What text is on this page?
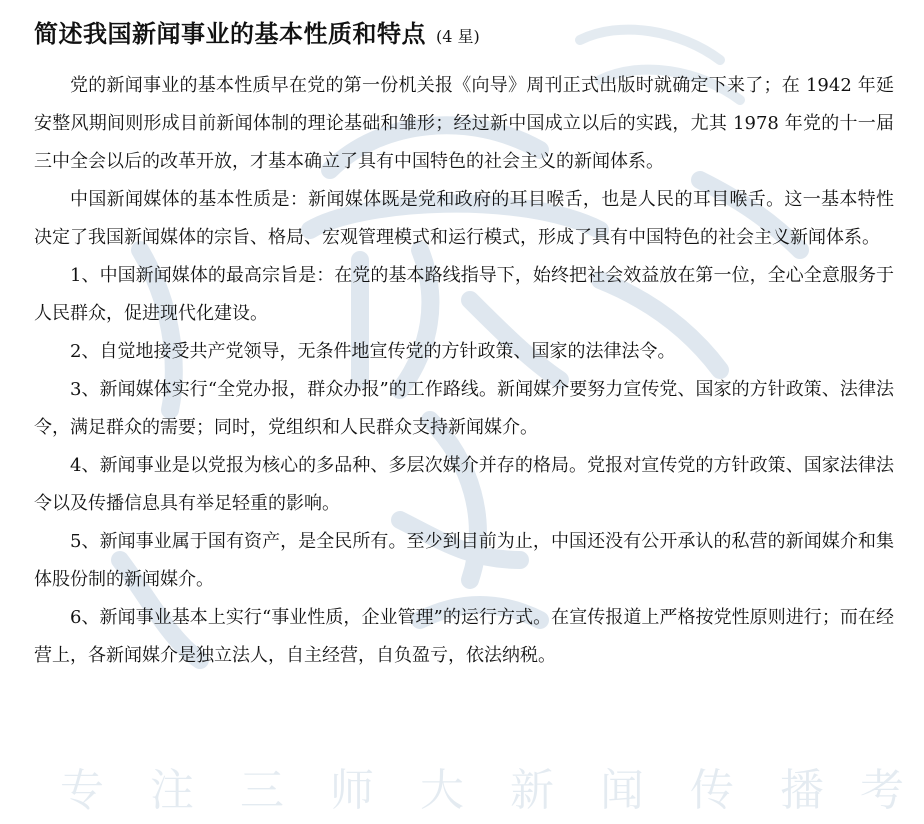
专 注 三 师 大 新 闻 传 播 考
简述我国新闻事业的基本性质和特点 (4 星)

党的新闻事业的基本性质早在党的第一份机关报《向导》周刊正式出版时就确定下来了；在 1942 年延安整风期间则形成目前新闻体制的理论基础和雏形；经过新中国成立以后的实践，尤其 1978 年党的十一届三中全会以后的改革开放，才基本确立了具有中国特色的社会主义的新闻体系。

中国新闻媒体的基本性质是：新闻媒体既是党和政府的耳目喉舌，也是人民的耳目喉舌。这一基本特性决定了我国新闻媒体的宗旨、格局、宏观管理模式和运行模式，形成了具有中国特色的社会主义新闻体系。

1、中国新闻媒体的最高宗旨是：在党的基本路线指导下，始终把社会效益放在第一位，全心全意服务于人民群众，促进现代化建设。

2、自觉地接受共产党领导，无条件地宣传党的方针政策、国家的法律法令。

3、新闻媒体实行“全党办报，群众办报”的工作路线。新闻媒介要努力宣传党、国家的方针政策、法律法令，满足群众的需要；同时，党组织和人民群众支持新闻媒介。

4、新闻事业是以党报为核心的多品种、多层次媒介并存的格局。党报对宣传党的方针政策、国家法律法令以及传播信息具有举足轻重的影响。

5、新闻事业属于国有资产，是全民所有。至少到目前为止，中国还没有公开承认的私营的新闻媒介和集体股份制的新闻媒介。

6、新闻事业基本上实行“事业性质，企业管理”的运行方式。在宣传报道上严格按党性原则进行；而在经营上，各新闻媒介是独立法人，自主经营，自负盈亏，依法纳税。
